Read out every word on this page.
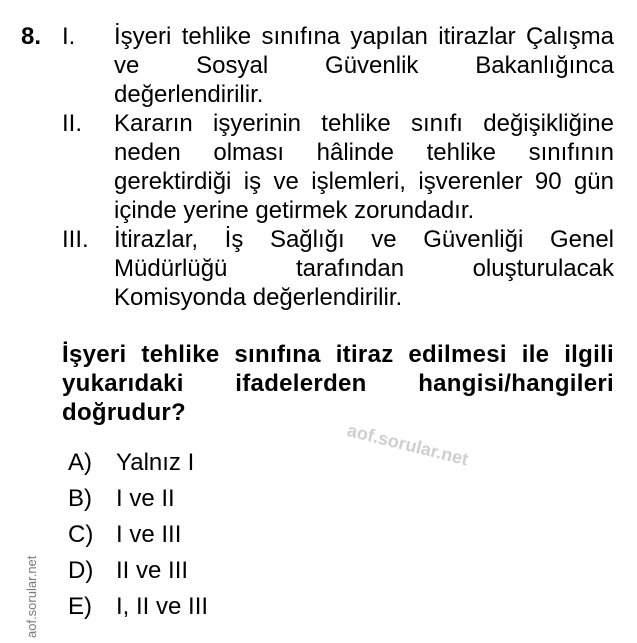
8. I. İşyeri tehlike sınıfına yapılan itirazlar Çalışma ve Sosyal Güvenlik Bakanlığınca değerlendirilir.
II. Kararın işyerinin tehlike sınıfı değişikliğine neden olması hâlinde tehlike sınıfının gerektirdiği iş ve işlemleri, işverenler 90 gün içinde yerine getirmek zorundadır.
III. İtirazlar, İş Sağlığı ve Güvenliği Genel Müdürlüğü tarafından oluşturulacak Komisyonda değerlendirilir.
İşyeri tehlike sınıfına itiraz edilmesi ile ilgili yukarıdaki ifadelerden hangisi/hangileri doğrudur?
aof.sorular.net
A) Yalnız I
B) I ve II
C) I ve III
D) II ve III
E) I, II ve III
aof.sorular.net
